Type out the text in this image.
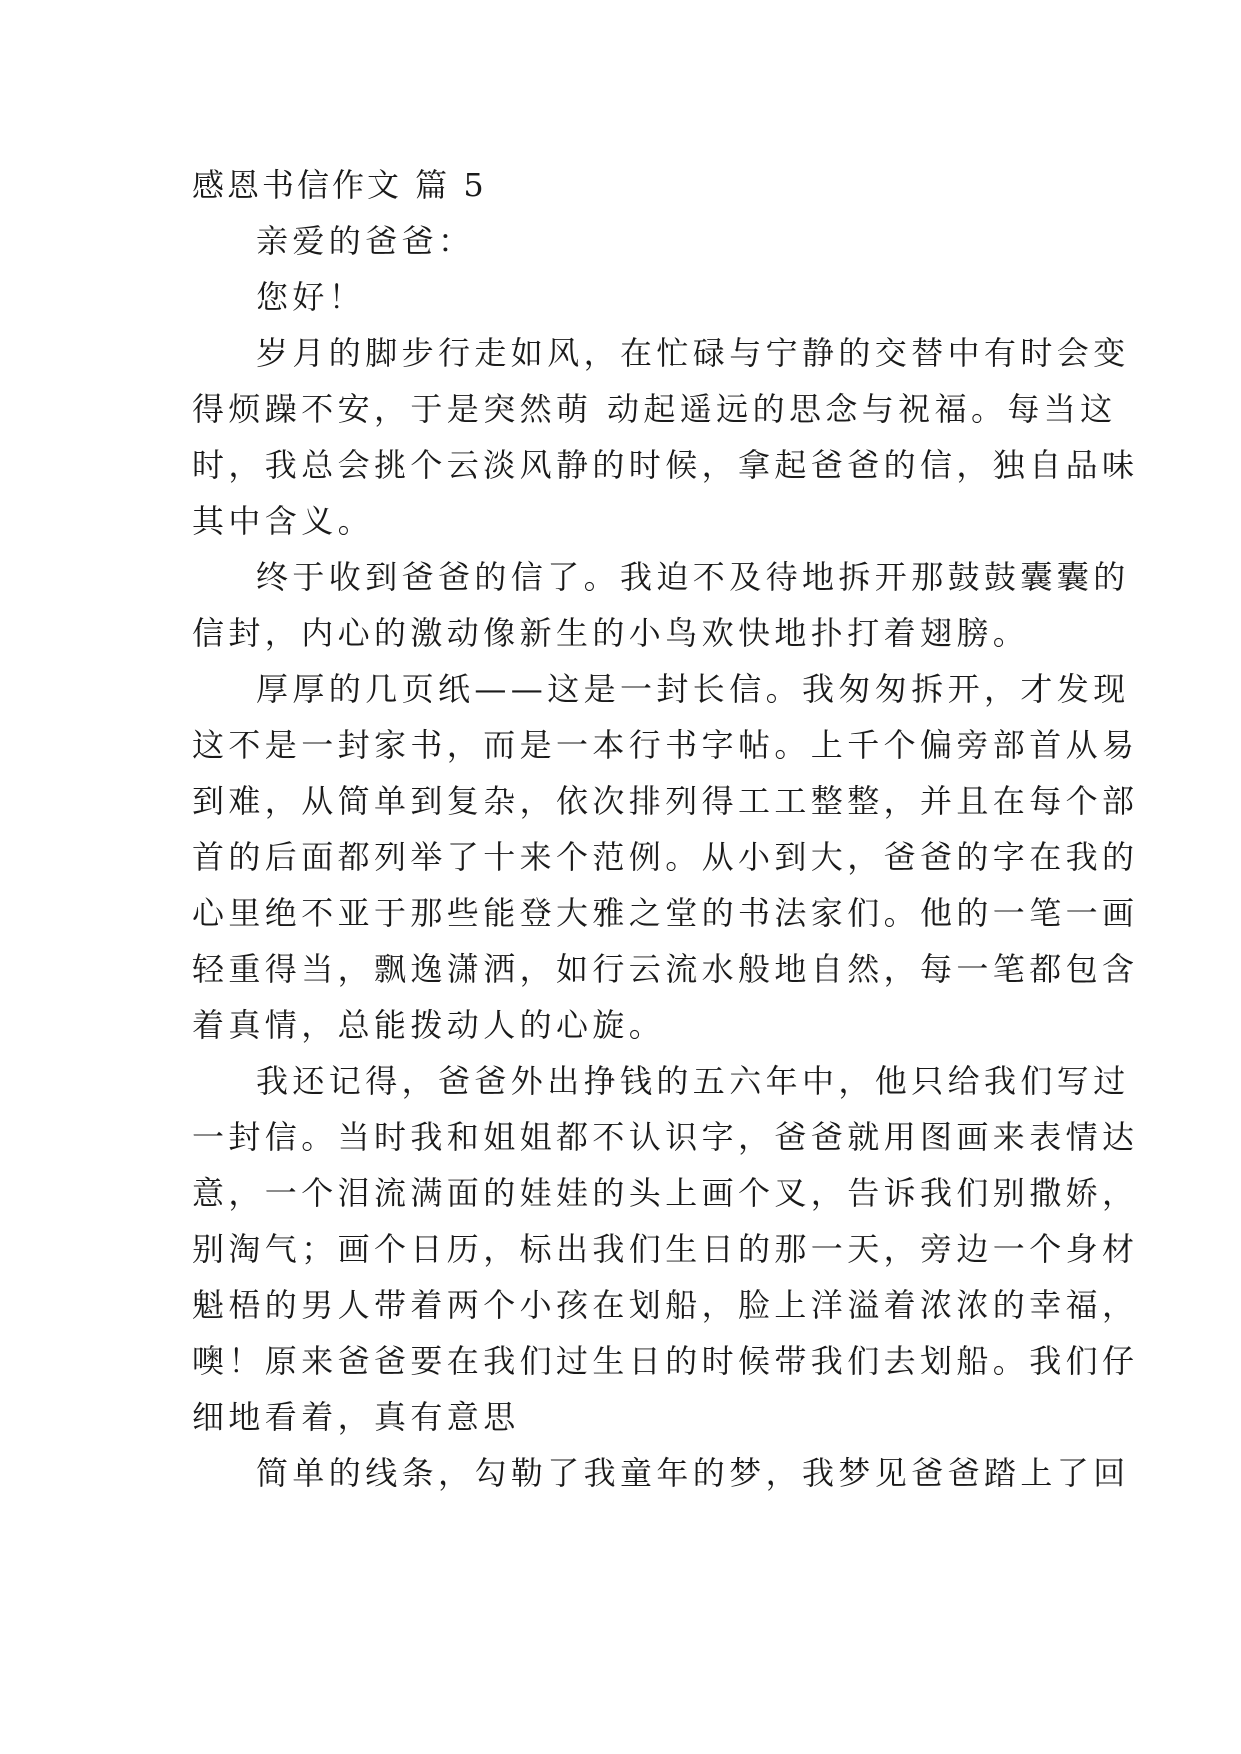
感恩书信作文 篇 5
亲爱的爸爸：
您好！
岁月的脚步行走如风，在忙碌与宁静的交替中有时会变
得烦躁不安，于是突然萌 动起遥远的思念与祝福。每当这
时，我总会挑个云淡风静的时候，拿起爸爸的信，独自品味
其中含义。
终于收到爸爸的信了。我迫不及待地拆开那鼓鼓囊囊的
信封，内心的激动像新生的小鸟欢快地扑打着翅膀。
厚厚的几页纸——这是一封长信。我匆匆拆开，才发现
这不是一封家书，而是一本行书字帖。上千个偏旁部首从易
到难，从简单到复杂，依次排列得工工整整，并且在每个部
首的后面都列举了十来个范例。从小到大，爸爸的字在我的
心里绝不亚于那些能登大雅之堂的书法家们。他的一笔一画
轻重得当，飘逸潇洒，如行云流水般地自然，每一笔都包含
着真情，总能拨动人的心旋。
我还记得，爸爸外出挣钱的五六年中，他只给我们写过
一封信。当时我和姐姐都不认识字，爸爸就用图画来表情达
意，一个泪流满面的娃娃的头上画个叉，告诉我们别撒娇，
别淘气；画个日历，标出我们生日的那一天，旁边一个身材
魁梧的男人带着两个小孩在划船，脸上洋溢着浓浓的幸福，
噢！原来爸爸要在我们过生日的时候带我们去划船。我们仔
细地看着，真有意思
简单的线条，勾勒了我童年的梦，我梦见爸爸踏上了回
